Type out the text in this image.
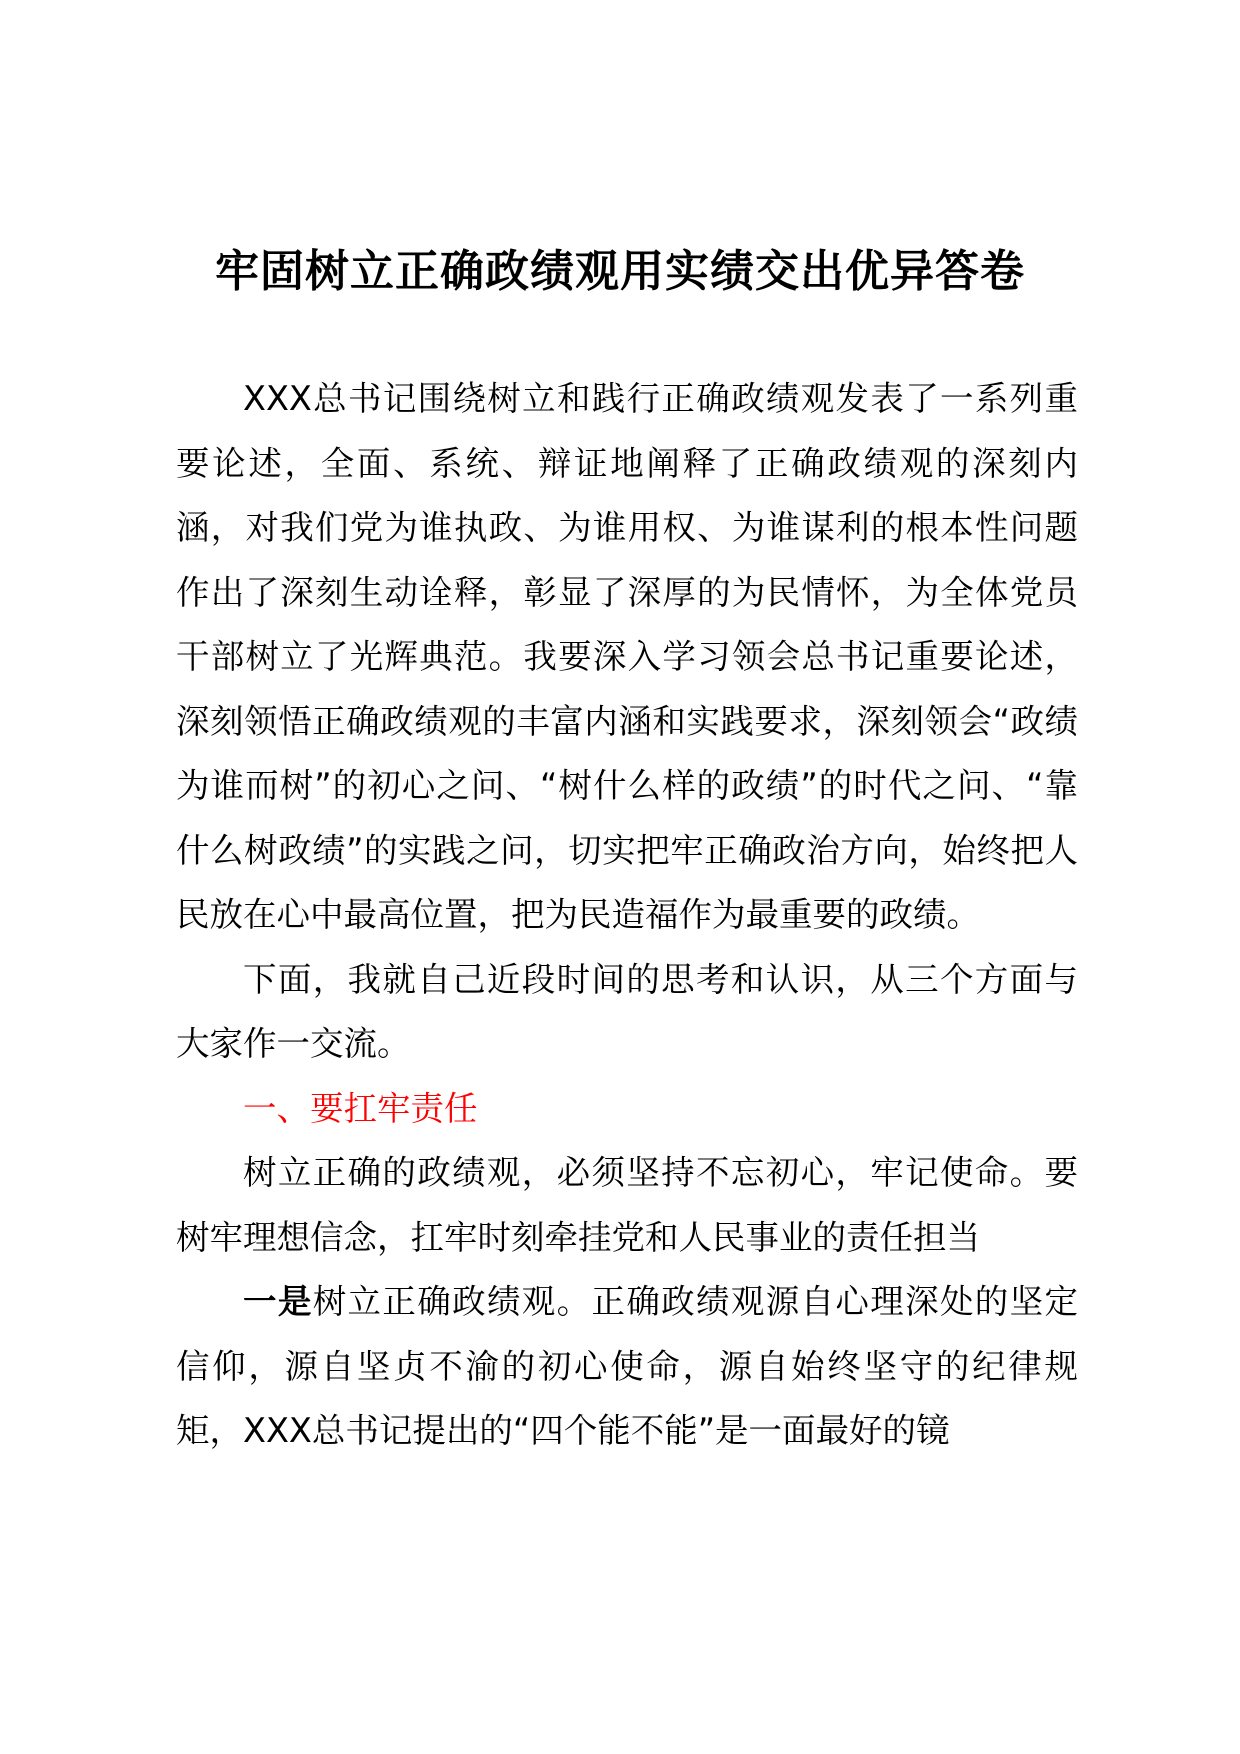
牢固树立正确政绩观用实绩交出优异答卷

XXX总书记围绕树立和践行正确政绩观发表了一系列重要论述，全面、系统、辩证地阐释了正确政绩观的深刻内涵，对我们党为谁执政、为谁用权、为谁谋利的根本性问题作出了深刻生动诠释，彰显了深厚的为民情怀，为全体党员干部树立了光辉典范。我要深入学习领会总书记重要论述，深刻领悟正确政绩观的丰富内涵和实践要求，深刻领会“政绩为谁而树”的初心之问、“树什么样的政绩”的时代之问、“靠什么树政绩”的实践之问，切实把牢正确政治方向，始终把人民放在心中最高位置，把为民造福作为最重要的政绩。

下面，我就自己近段时间的思考和认识，从三个方面与大家作一交流。

一、要扛牢责任

树立正确的政绩观，必须坚持不忘初心，牢记使命。要树牢理想信念，扛牢时刻牵挂党和人民事业的责任担当

一是树立正确政绩观。正确政绩观源自心理深处的坚定信仰，源自坚贞不渝的初心使命，源自始终坚守的纪律规矩，XXX总书记提出的“四个能不能”是一面最好的镜
